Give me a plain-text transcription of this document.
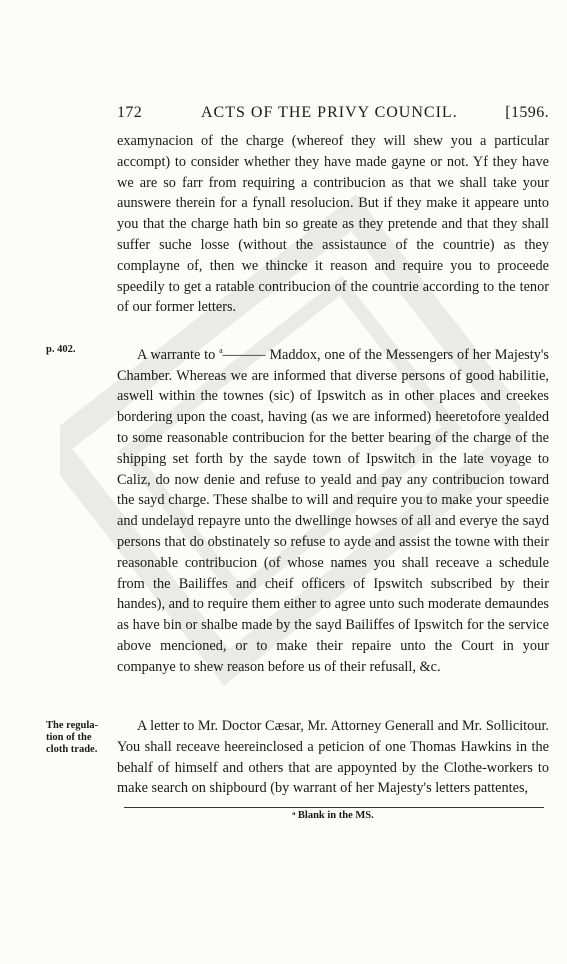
172	ACTS OF THE PRIVY COUNCIL.	[1596.

examynacion of the charge (whereof they will shew you a particular accompt) to consider whether they have made gayne or not. Yf they have we are so farr from requiring a contribucion as that we shall take your aunswere therein for a fynall resolucion. But if they make it appeare unto you that the charge hath bin so greate as they pretende and that they shall suffer suche losse (without the assistaunce of the countrie) as they complayne of, then we thincke it reason and require you to proceede speedily to get a ratable contribucion of the countrie according to the tenor of our former letters.

p. 402.	A warrante to $^a$——— Maddox, one of the Messengers of her Majesty's Chamber. Whereas we are informed that diverse persons of good habilitie, aswell within the townes (sic) of Ipswitch as in other places and creekes bordering upon the coast, having (as we are informed) heeretofore yealded to some reasonable contribucion for the better bearing of the charge of the shipping set forth by the sayde town of Ipswitch in the late voyage to Caliz, do now denie and refuse to yeald and pay any contribucion toward the sayd charge. These shalbe to will and require you to make your speedie and undelayd repayre unto the dwellinge howses of all and everye the sayd persons that do obstinately so refuse to ayde and assist the towne with their reasonable contribucion (of whose names you shall receave a schedule from the Bailiffes and cheif officers of Ipswitch subscribed by their handes), and to require them either to agree unto such moderate demaundes as have bin or shalbe made by the sayd Bailiffes of Ipswitch for the service above mencioned, or to make their repaire unto the Court in your companye to shew reason before us of their refusall, &c.

The regula-tion of the cloth trade.

A letter to Mr. Doctor Cæsar, Mr. Attorney Generall and Mr. Sollicitour. You shall receave heereinclosed a peticion of one Thomas Hawkins in the behalf of himself and others that are appoynted by the Clothe-workers to make search on shipbourd (by warrant of her Majesty's letters pattentes,

ᵃ Blank in the MS.
